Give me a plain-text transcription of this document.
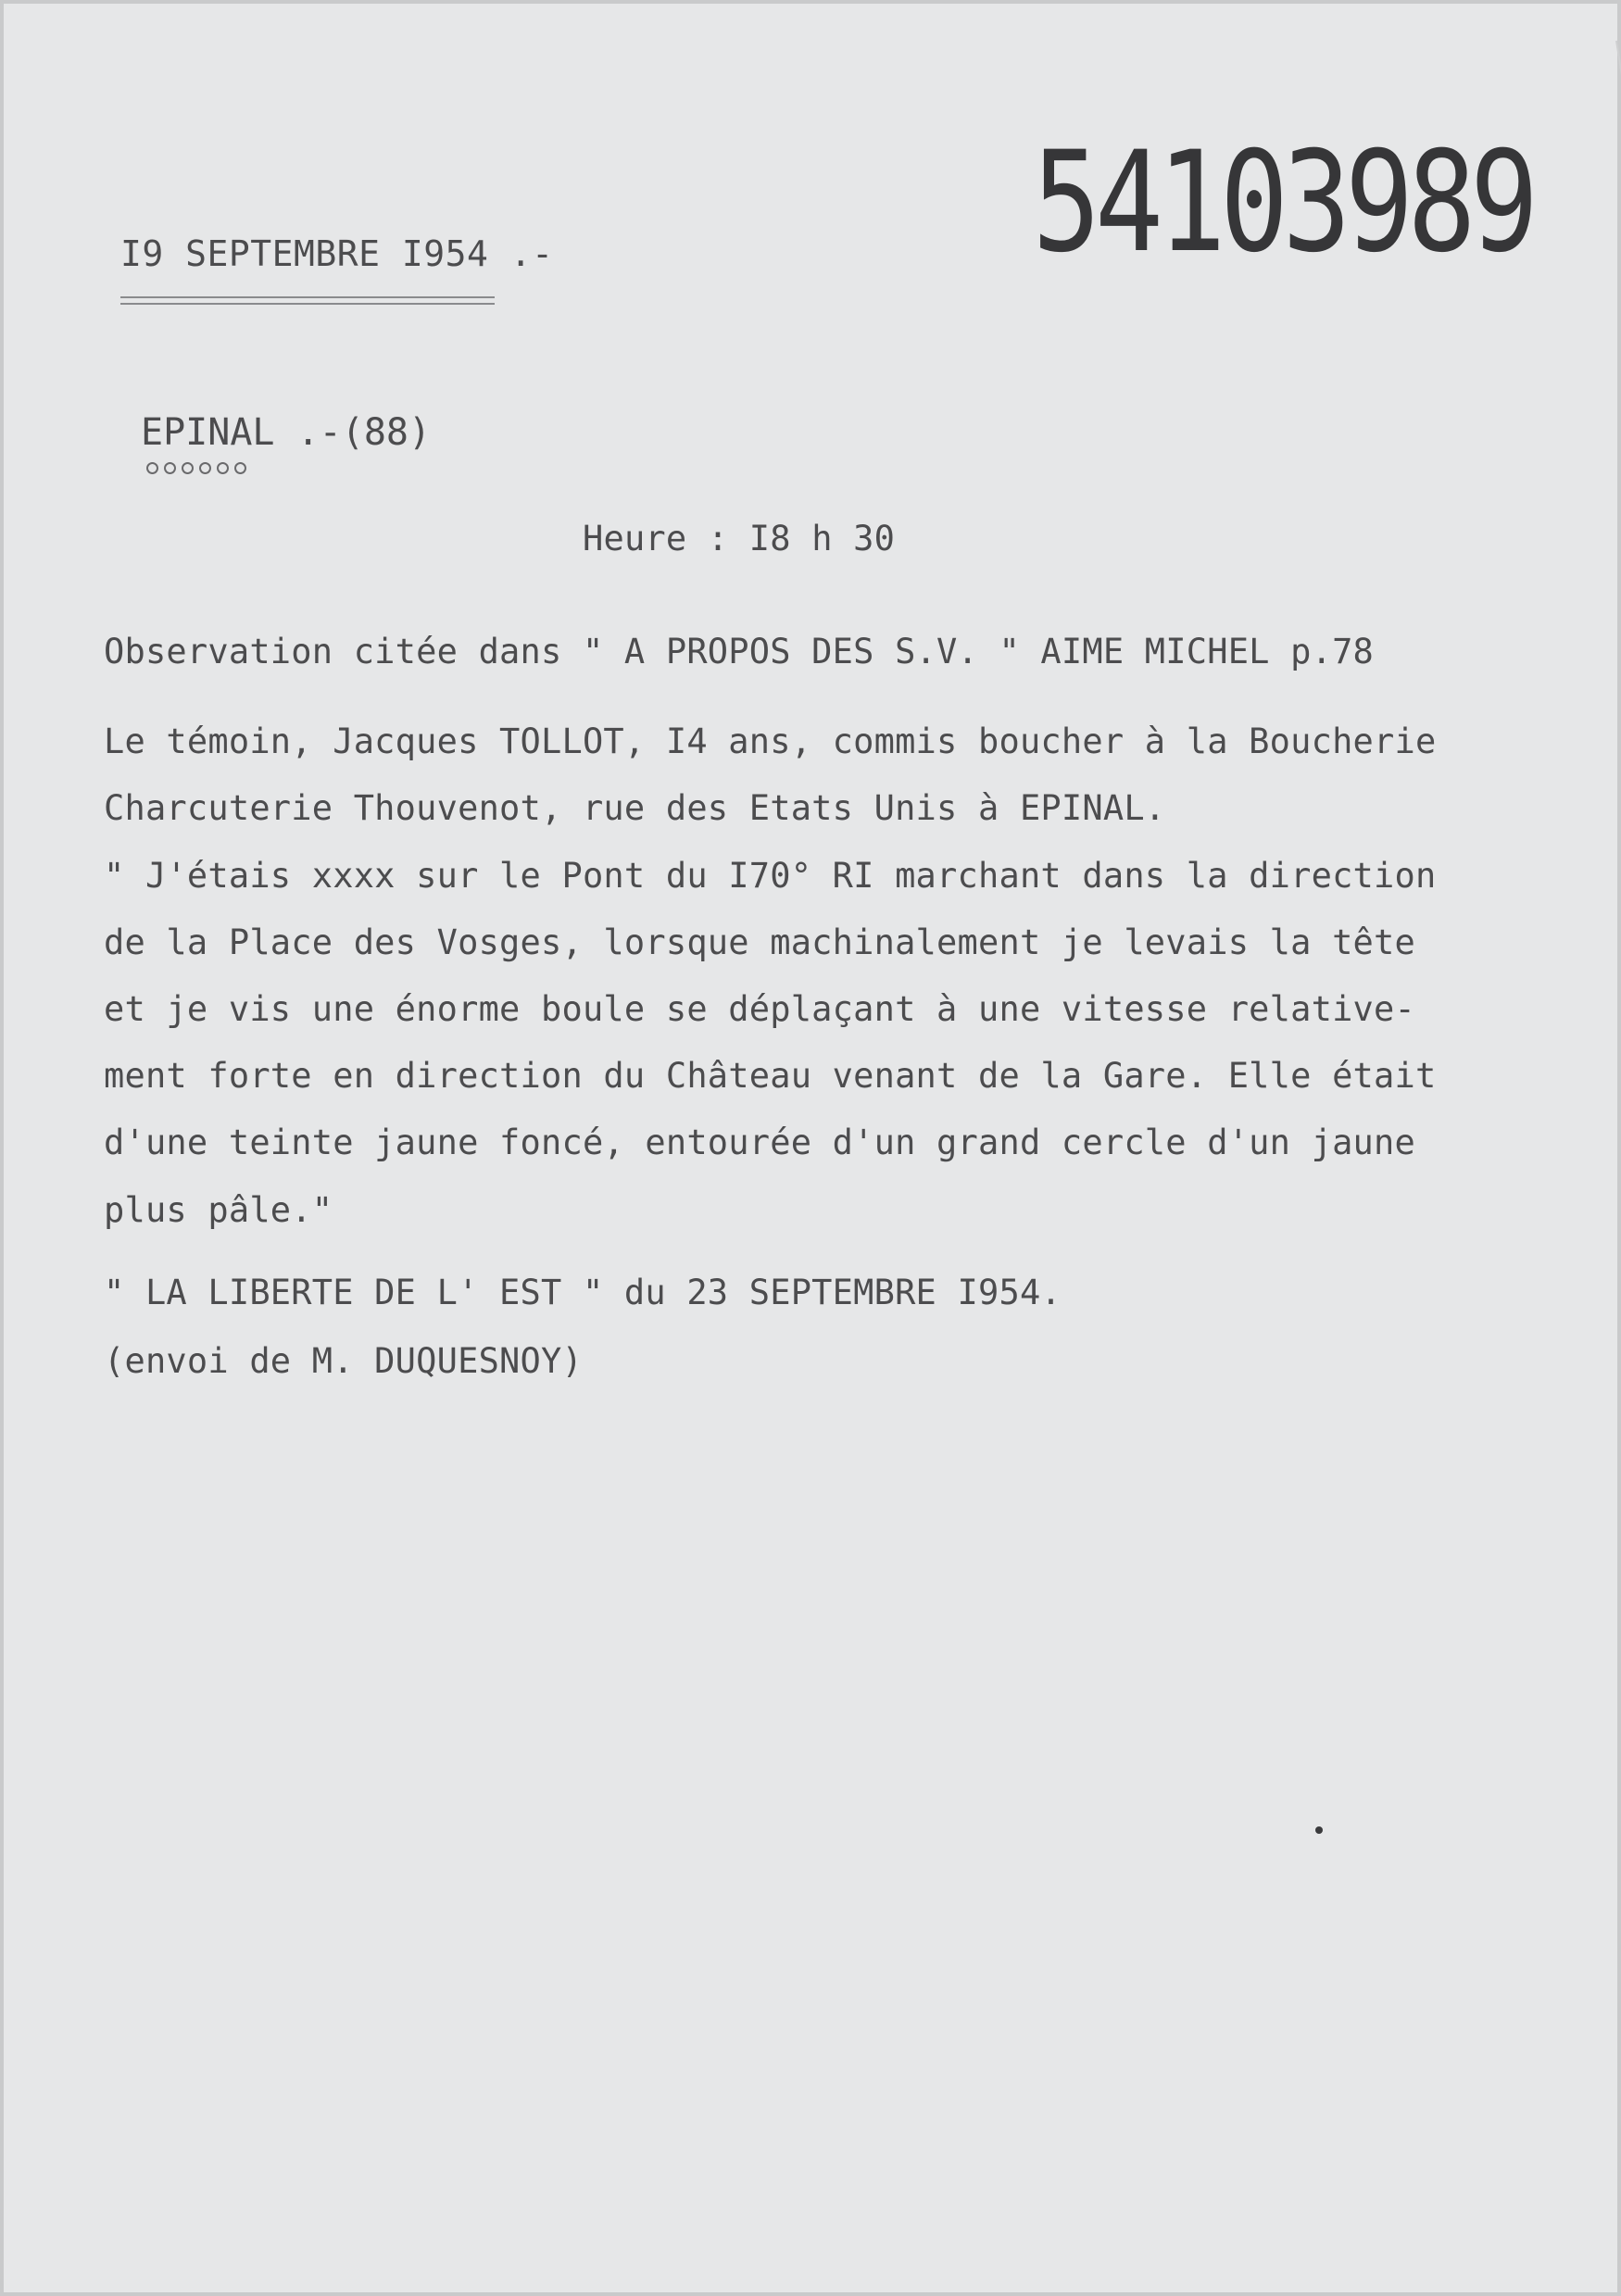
54103989
I9 SEPTEMBRE I954 .-
EPINAL .-(88)
Heure : I8 h 30
Observation citée dans " A PROPOS DES S.V. " AIME MICHEL p.78
Le témoin, Jacques TOLLOT, I4 ans, commis boucher à la Boucherie
Charcuterie Thouvenot, rue des Etats Unis à EPINAL.
" J'étais xxxx sur le Pont du I70° RI marchant dans la direction
de la Place des Vosges, lorsque machinalement je levais la tête
et je vis une énorme boule se déplaçant à une vitesse relative-
ment forte en direction du Château venant de la Gare. Elle était
d'une teinte jaune foncé, entourée d'un grand cercle d'un jaune
plus pâle."
" LA LIBERTE DE L' EST " du 23 SEPTEMBRE I954.
(envoi de M. DUQUESNOY)
